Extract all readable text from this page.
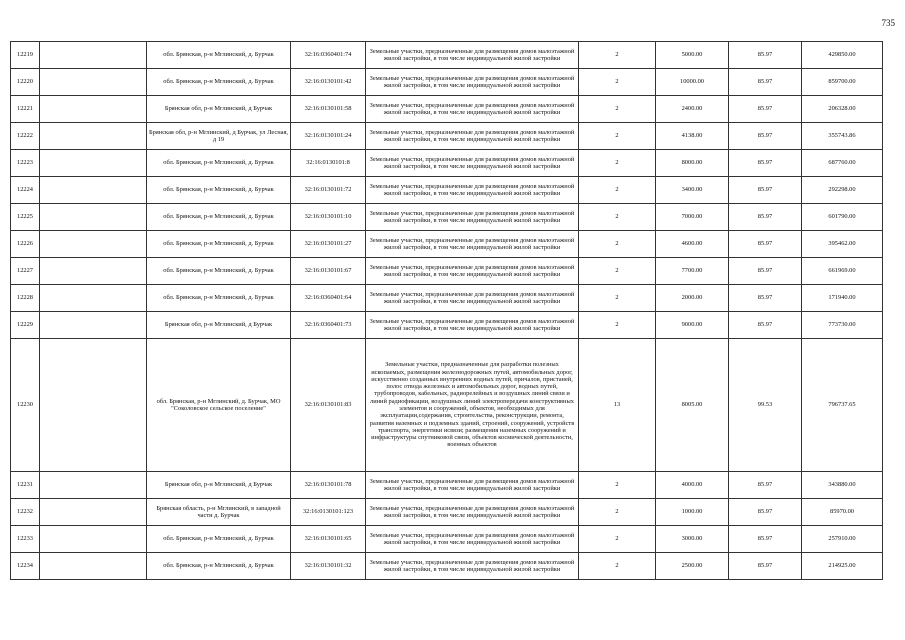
735
12219		обл. Брянская, р-н Мглинский, д. Бурчак	32:16:0360401:74	Земельные участки, предназначенные для размещения домов малоэтажной жилой застройки, в том числе индивидуальной жилой застройки	2	5000.00	85.97	429850.00
12220		обл. Брянская, р-н Мглинский, д. Бурчак	32:16:0130101:42	Земельные участки, предназначенные для размещения домов малоэтажной жилой застройки, в том числе индивидуальной жилой застройки	2	10000.00	85.97	859700.00
12221		Брянская обл, р-н Мглинский, д Бурчак	32:16:0130101:58	Земельные участки, предназначенные для размещения домов малоэтажной жилой застройки, в том числе индивидуальной жилой застройки	2	2400.00	85.97	206328.00
12222		Брянская обл, р-н Мглинский, д Бурчак, ул Лесная, д 19	32:16:0130101:24	Земельные участки, предназначенные для размещения домов малоэтажной жилой застройки, в том числе индивидуальной жилой застройки	2	4138.00	85.97	355743.86
12223		обл. Брянская, р-н Мглинский, д. Бурчак	32:16:0130101:8	Земельные участки, предназначенные для размещения домов малоэтажной жилой застройки, в том числе индивидуальной жилой застройки	2	8000.00	85.97	687760.00
12224		обл. Брянская, р-н Мглинский, д. Бурчак	32:16:0130101:72	Земельные участки, предназначенные для размещения домов малоэтажной жилой застройки, в том числе индивидуальной жилой застройки	2	3400.00	85.97	292298.00
12225		обл. Брянская, р-н Мглинский, д. Бурчак	32:16:0130101:10	Земельные участки, предназначенные для размещения домов малоэтажной жилой застройки, в том числе индивидуальной жилой застройки	2	7000.00	85.97	601790.00
12226		обл. Брянская, р-н Мглинский, д. Бурчак	32:16:0130101:27	Земельные участки, предназначенные для размещения домов малоэтажной жилой застройки, в том числе индивидуальной жилой застройки	2	4600.00	85.97	395462.00
12227		обл. Брянская, р-н Мглинский, д. Бурчак	32:16:0130101:67	Земельные участки, предназначенные для размещения домов малоэтажной жилой застройки, в том числе индивидуальной жилой застройки	2	7700.00	85.97	661969.00
12228		обл. Брянская, р-н Мглинский, д. Бурчак	32:16:0360401:64	Земельные участки, предназначенные для размещения домов малоэтажной жилой застройки, в том числе индивидуальной жилой застройки	2	2000.00	85.97	171940.00
12229		Брянская обл, р-н Мглинский, д Бурчак	32:16:0360401:73	Земельные участки, предназначенные для размещения домов малоэтажной жилой застройки, в том числе индивидуальной жилой застройки	2	9000.00	85.97	773730.00
12230		обл. Брянская, р-н Мглинский, д. Бурчак, МО "Соколовское сельское поселение"	32:16:0130101:83	Земельные участки, предназначенные для разработки полезных ископаемых, размещения железнодорожных путей, автомобильных дорог, искусственно созданных внутренних водных путей, причалов, пристаней, полос отвода железных и автомобильных дорог, водных путей, трубопроводов, кабельных, радиорелейных и воздушных линий связи и линий радиофикации, воздушных линий электропередачи конструктивных элементов и сооружений, объектов, необходимых для эксплуатации,содержания, строительства, реконструкции, ремонта, развития наземных и подземных зданий, строений, сооружений, устройств транспорта, энергетики исвязи; размещения наземных сооружений и инфраструктуры спутниковой связи, объектов космической деятельности, военных объектов	13	8005.00	99.53	796737.65
12231		Брянская обл, р-н Мглинский, д Бурчак	32:16:0130101:78	Земельные участки, предназначенные для размещения домов малоэтажной жилой застройки, в том числе индивидуальной жилой застройки	2	4000.00	85.97	343880.00
12232		Брянская область, р-н Мглинский, в западной части д. Бурчак	32:16:0130101:123	Земельные участки, предназначенные для размещения домов малоэтажной жилой застройки, в том числе индивидуальной жилой застройки	2	1000.00	85.97	85970.00
12233		обл. Брянская, р-н Мглинский, д. Бурчак	32:16:0130101:65	Земельные участки, предназначенные для размещения домов малоэтажной жилой застройки, в том числе индивидуальной жилой застройки	2	3000.00	85.97	257910.00
12234		обл. Брянская, р-н Мглинский, д. Бурчак	32:16:0130101:32	Земельные участки, предназначенные для размещения домов малоэтажной жилой застройки, в том числе индивидуальной жилой застройки	2	2500.00	85.97	214925.00
